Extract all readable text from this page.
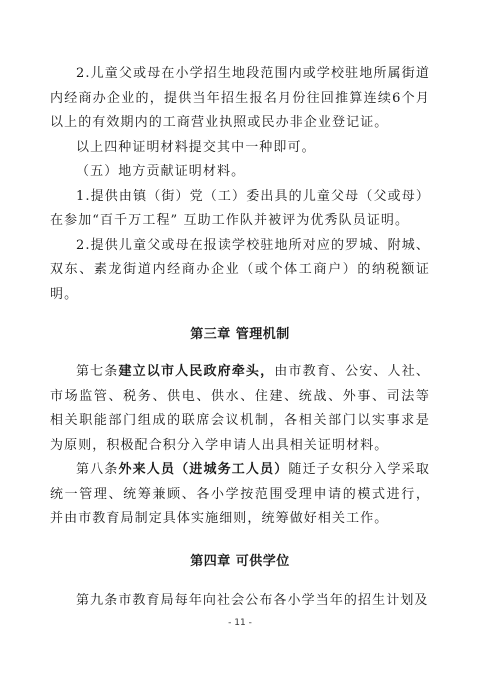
2.儿童父或母在小学招生地段范围内或学校驻地所属街道内经商办企业的，提供当年招生报名月份往回推算连续6个月以上的有效期内的工商营业执照或民办非企业登记证。

以上四种证明材料提交其中一种即可。

（五）地方贡献证明材料。

1.提供由镇（街）党（工）委出具的儿童父母（父或母）在参加“百千万工程” 互助工作队并被评为优秀队员证明。

2.提供儿童父或母在报读学校驻地所对应的罗城、附城、双东、素龙街道内经商办企业（或个体工商户）的纳税额证明。

第三章 管理机制

第七条建立以市人民政府牵头，由市教育、公安、人社、市场监管、税务、供电、供水、住建、统战、外事、司法等相关职能部门组成的联席会议机制，各相关部门以实事求是为原则，积极配合积分入学申请人出具相关证明材料。

第八条外来人员（进城务工人员）随迁子女积分入学采取统一管理、统筹兼顾、各小学按范围受理申请的模式进行，并由市教育局制定具体实施细则，统筹做好相关工作。

第四章 可供学位

第九条市教育局每年向社会公布各小学当年的招生计划及

- 11 -
